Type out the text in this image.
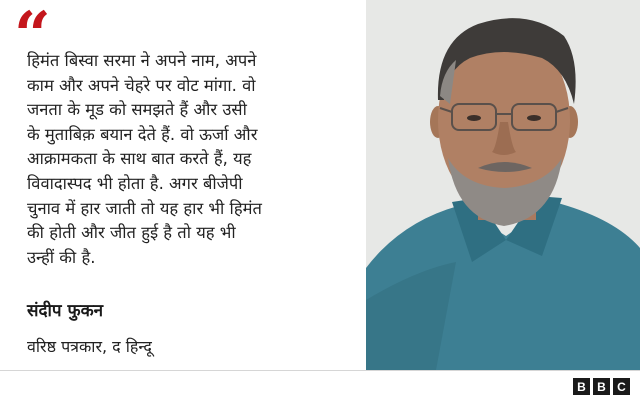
“
हिमंत बिस्वा सरमा ने अपने नाम, अपने
काम और अपने चेहरे पर वोट मांगा. वो
जनता के मूड को समझते हैं और उसी
के मुताबिक़ बयान देते हैं. वो ऊर्जा और
आक्रामकता के साथ बात करते हैं, यह
विवादास्पद भी होता है. अगर बीजेपी
चुनाव में हार जाती तो यह हार भी हिमंत
की होती और जीत हुई है तो यह भी
उन्हीं की है.
संदीप फुकन
वरिष्ठ पत्रकार, द हिन्दू
B B C
